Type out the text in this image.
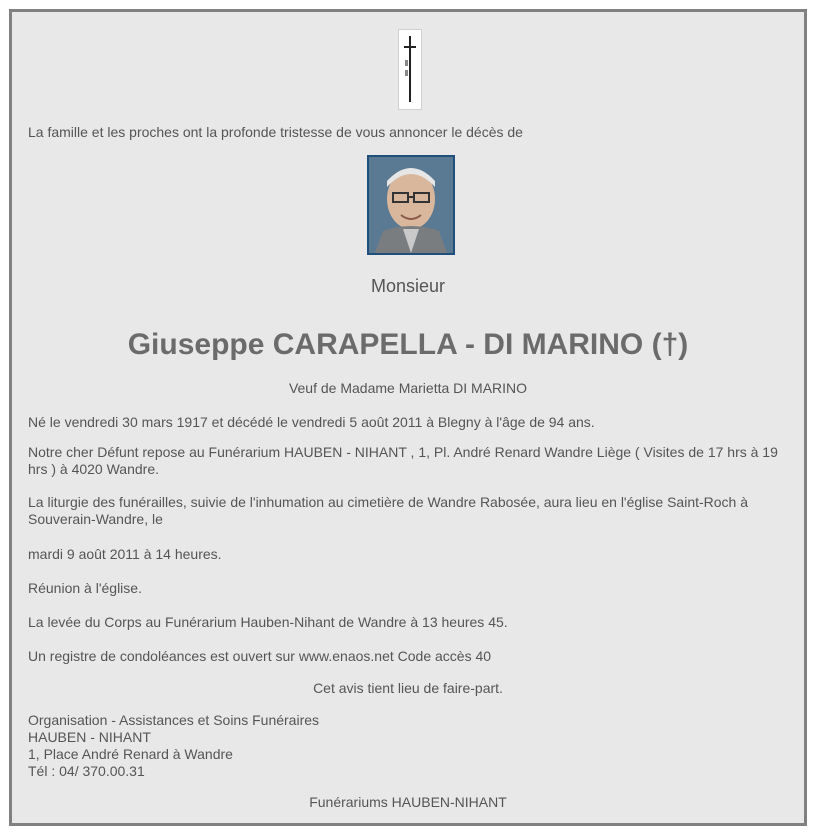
La famille et les proches ont la profonde tristesse de vous annoncer le décès de
Monsieur
Giuseppe CARAPELLA - DI MARINO (†)
Veuf de Madame Marietta DI MARINO
Né le vendredi 30 mars 1917 et décédé le vendredi 5 août 2011 à Blegny à l'âge de 94 ans.
Notre cher Défunt repose au Funérarium HAUBEN - NIHANT , 1, Pl. André Renard Wandre Liège ( Visites de 17 hrs à 19 hrs ) à 4020 Wandre.
La liturgie des funérailles, suivie de l'inhumation au cimetière de Wandre Rabosée, aura lieu en l'église Saint-Roch à Souverain-Wandre, le
mardi 9 août 2011 à 14 heures.
Réunion à l'église.
La levée du Corps au Funérarium Hauben-Nihant de Wandre à 13 heures 45.
Un registre de condoléances est ouvert sur www.enaos.net Code accès 40
Cet avis tient lieu de faire-part.
Organisation - Assistances et Soins Funéraires
HAUBEN - NIHANT
1, Place André Renard à Wandre
Tél : 04/ 370.00.31
Funérariums HAUBEN-NIHANT
